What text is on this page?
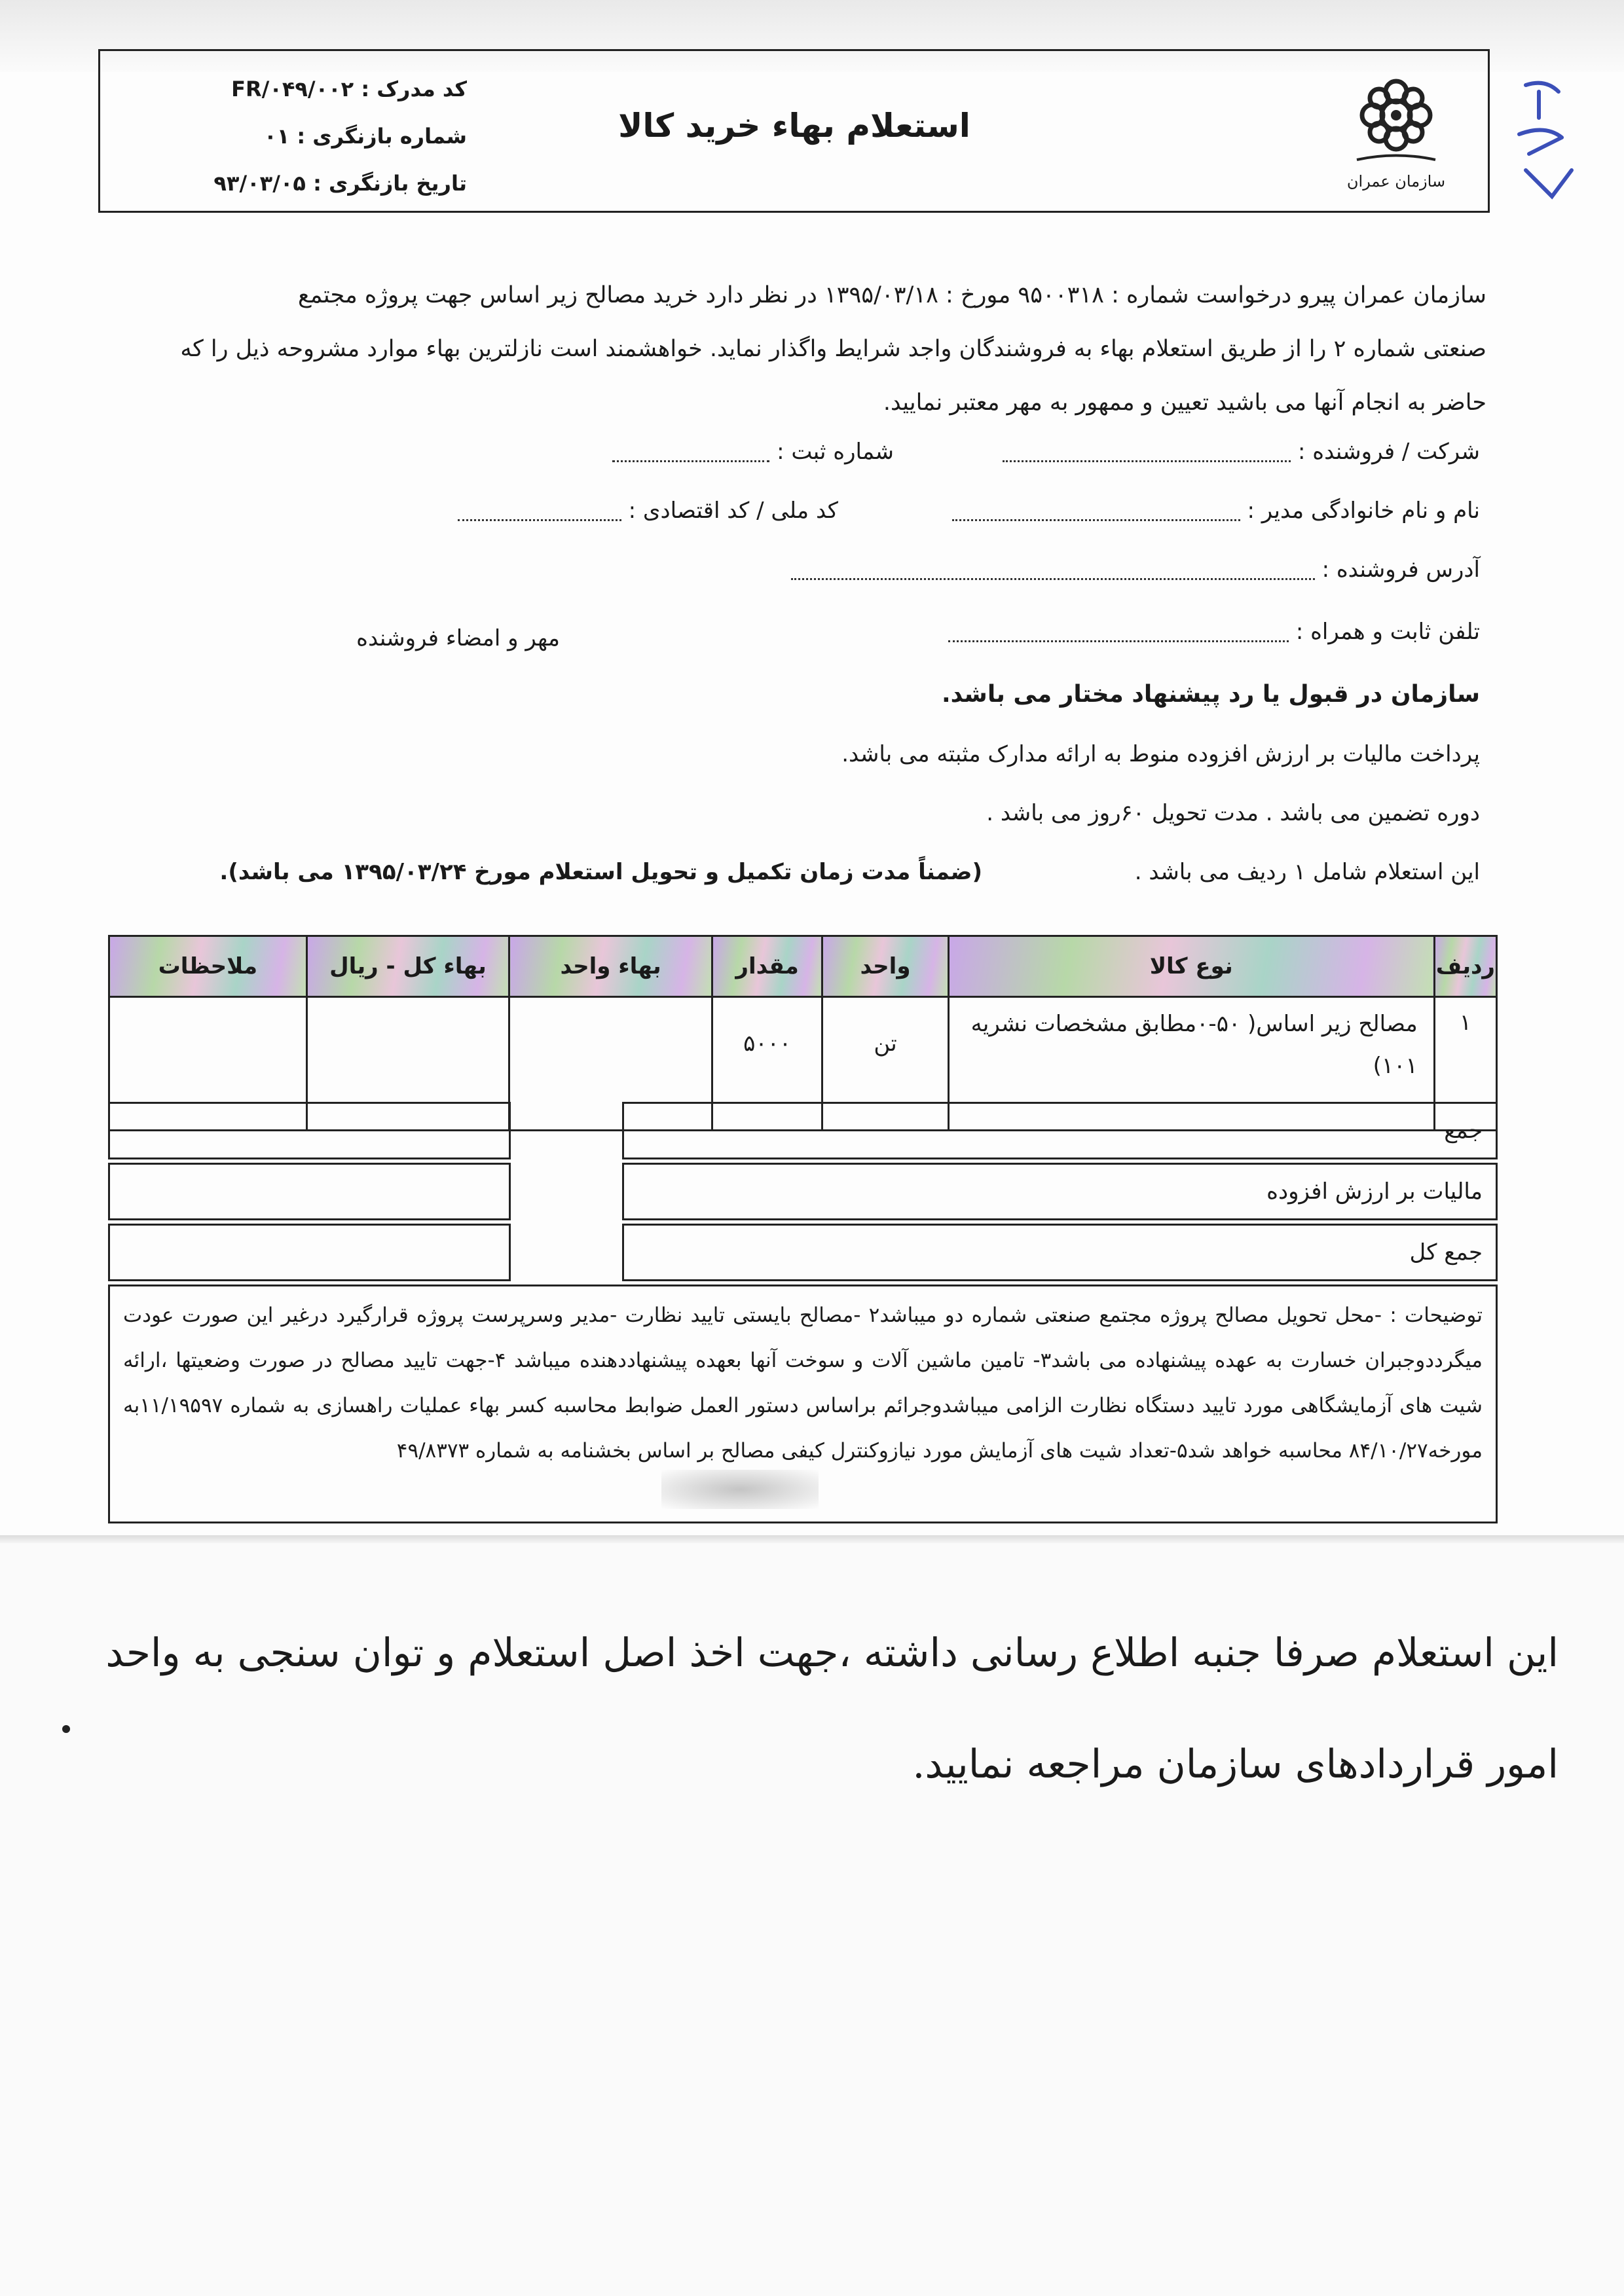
کد مدرک : FR/۰۴۹/۰۰۲
شماره بازنگری : ۰۱
تاریخ بازنگری : ۹۳/۰۳/۰۵
استعلام بهاء خرید کالا
سازمان عمران

سازمان عمران پیرو درخواست شماره : ۹۵۰۰۳۱۸ مورخ : ۱۳۹۵/۰۳/۱۸ در نظر دارد خرید مصالح زیر اساس جهت پروژه مجتمع

صنعتی شماره ۲ را از طریق استعلام بهاء به فروشندگان واجد شرایط واگذار نماید. خواهشمند است نازلترین بهاء موارد مشروحه ذیل را که

حاضر به انجام آنها می باشید تعیین و ممهور به مهر معتبر نمایید.

شرکت / فروشنده :
شماره ثبت :
نام و نام خانوادگی مدیر :
کد ملی / کد اقتصادی :
آدرس فروشنده :
تلفن ثابت و همراه :
مهر و امضاء فروشنده
سازمان در قبول یا رد پیشنهاد مختار می باشد.
پرداخت مالیات بر ارزش افزوده منوط به ارائه مدارک مثبته می باشد.
دوره تضمین می باشد . مدت تحویل ۶۰روز می باشد .
این استعلام شامل ۱ ردیف می باشد .
(ضمناً مدت زمان تکمیل و تحویل استعلام مورخ ۱۳۹۵/۰۳/۲۴ می باشد).
ردیف	نوع کالا	واحد	مقدار	بهاء واحد	بهاء کل - ریال	ملاحظات
۱	مصالح زیر اساس( ۵۰-۰مطابق مشخصات نشریه ۱۰۱)	تن	۵۰۰۰			
جمع
مالیات بر ارزش افزوده
جمع کل
توضیحات : -محل تحویل مصالح پروژه مجتمع صنعتی شماره دو میباشد۲ -مصالح بایستی تایید نظارت -مدیر وسرپرست پروژه قرارگیرد درغیر این صورت عودت میگرددوجبران خسارت به عهده پیشنهاده می باشد۳- تامین ماشین آلات و سوخت آنها بعهده پیشنهاددهنده میباشد ۴-جهت تایید مصالح در صورت وضعیتها ،ارائه شیت های آزمایشگاهی مورد تایید دستگاه نظارت الزامی میباشدوجرائم براساس دستور العمل ضوابط محاسبه کسر بهاء عملیات راهسازی به شماره ۱۱/۱۹۵۹۷به مورخه۸۴/۱۰/۲۷ محاسبه خواهد شد۵-تعداد شیت های آزمایش مورد نیازوکنترل کیفی مصالح بر اساس بخشنامه به شماره ۴۹/۸۳۷۳
این استعلام صرفا جنبه اطلاع رسانی داشته ،جهت اخذ اصل استعلام و توان سنجی به واحد امور قراردادهای سازمان مراجعه نمایید.
